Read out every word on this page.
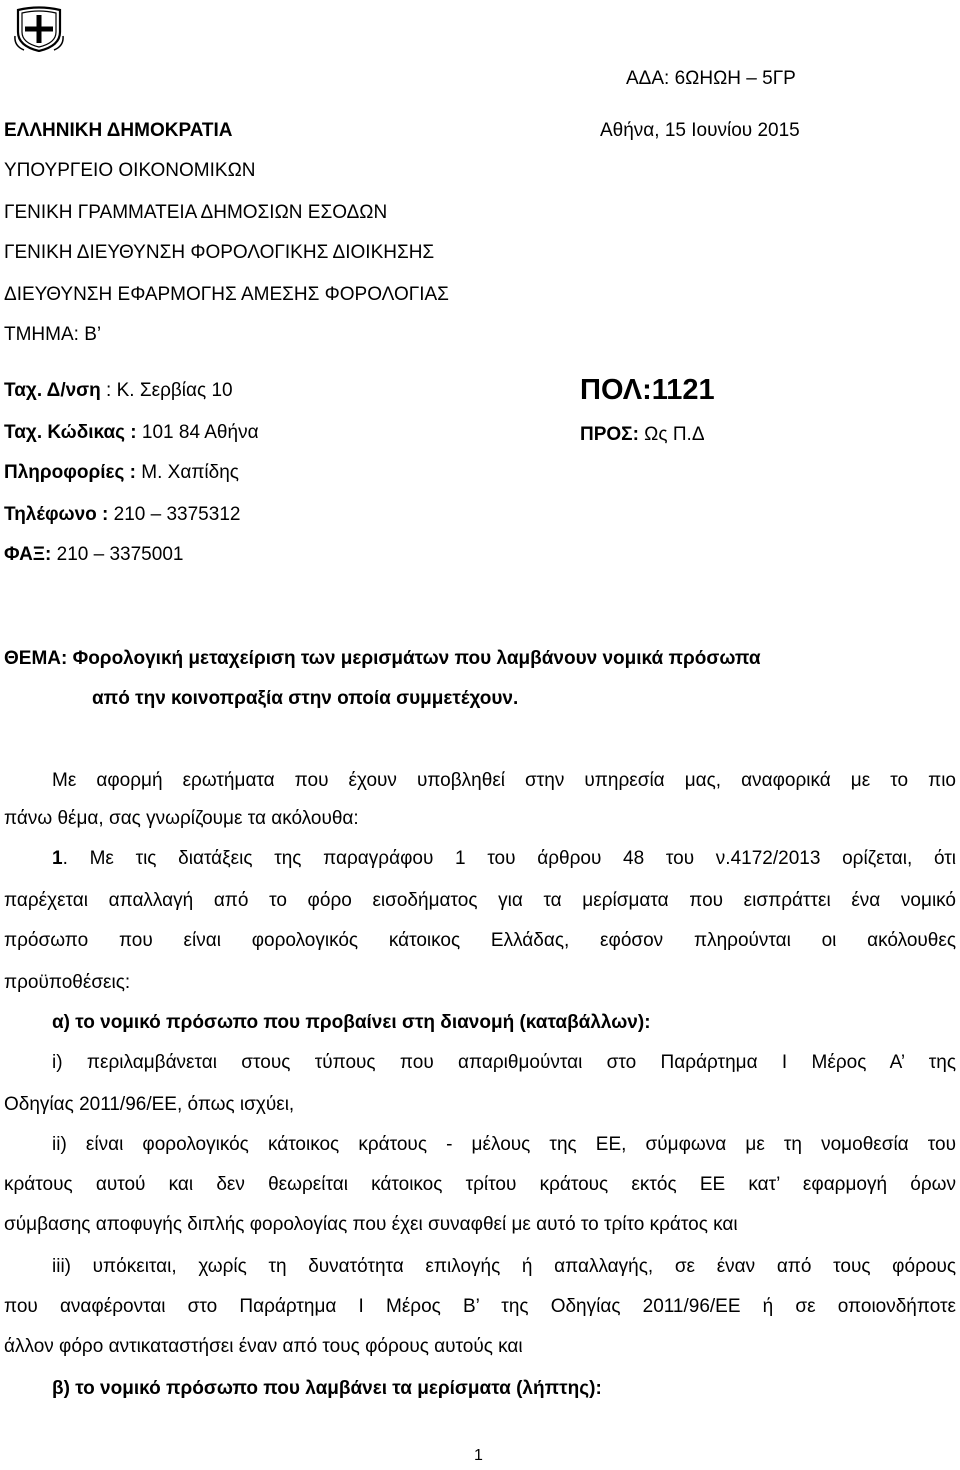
ΑΔΑ: 6ΩΗΩΗ – 5ΓΡ
Αθήνα, 15 Ιουνίου 2015
ΕΛΛΗΝΙΚΗ ΔΗΜΟΚΡΑΤΙΑ
ΥΠΟΥΡΓΕΙΟ ΟΙΚΟΝΟΜΙΚΩΝ
ΓΕΝΙΚΗ ΓΡΑΜΜΑΤΕΙΑ ΔΗΜΟΣΙΩΝ ΕΣΟΔΩΝ
ΓΕΝΙΚΗ ΔΙΕΥΘΥΝΣΗ ΦΟΡΟΛΟΓΙΚΗΣ ΔΙΟΙΚΗΣΗΣ
ΔΙΕΥΘΥΝΣΗ ΕΦΑΡΜΟΓΗΣ ΑΜΕΣΗΣ ΦΟΡΟΛΟΓΙΑΣ
ΤΜΗΜΑ: Β’
Ταχ. Δ/νση : Κ. Σερβίας 10
Ταχ. Κώδικας : 101 84 Αθήνα
Πληροφορίες : Μ. Χαπίδης
Τηλέφωνο : 210 – 3375312
ΦΑΞ: 210 – 3375001
ΠΟΛ:1121
ΠΡΟΣ: Ως Π.Δ
ΘΕΜΑ: Φορολογική μεταχείριση των μερισμάτων που λαμβάνουν νομικά πρόσωπα
από την κοινοπραξία στην οποία συμμετέχουν.
Με αφορμή ερωτήματα που έχουν υποβληθεί στην υπηρεσία μας, αναφορικά με το πιο
πάνω θέμα, σας γνωρίζουμε τα ακόλουθα:
1. Με τις διατάξεις της παραγράφου 1 του άρθρου 48 του ν.4172/2013 ορίζεται, ότι
παρέχεται απαλλαγή από το φόρο εισοδήματος για τα μερίσματα που εισπράττει ένα νομικό
πρόσωπο που είναι φορολογικός κάτοικος Ελλάδας, εφόσον πληρούνται οι ακόλουθες
προϋποθέσεις:
α) το νομικό πρόσωπο που προβαίνει στη διανομή (καταβάλλων):
i) περιλαμβάνεται στους τύπους που απαριθμούνται στο Παράρτημα Ι Μέρος Α’ της
Οδηγίας 2011/96/ΕΕ, όπως ισχύει,
ii) είναι φορολογικός κάτοικος κράτους - μέλους της ΕΕ, σύμφωνα με τη νομοθεσία του
κράτους αυτού και δεν θεωρείται κάτοικος τρίτου κράτους εκτός ΕΕ κατ’ εφαρμογή όρων
σύμβασης αποφυγής διπλής φορολογίας που έχει συναφθεί με αυτό το τρίτο κράτος και
iii) υπόκειται, χωρίς τη δυνατότητα επιλογής ή απαλλαγής, σε έναν από τους φόρους
που αναφέρονται στο Παράρτημα Ι Μέρος Β’ της Οδηγίας 2011/96/ΕΕ ή σε οποιονδήποτε
άλλον φόρο αντικαταστήσει έναν από τους φόρους αυτούς και
β) το νομικό πρόσωπο που λαμβάνει τα μερίσματα (λήπτης):
1
